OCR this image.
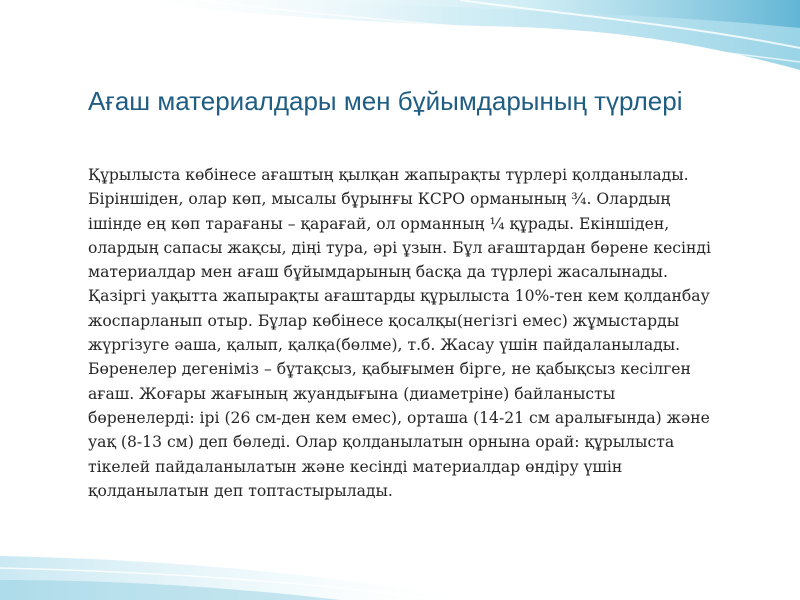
Ағаш материалдары мен бұйымдарының түрлері
Құрылыста көбінесе ағаштың қылқан жапырақты түрлері қолданылады.
Біріншіден, олар көп, мысалы бұрынғы КСРО орманының ¾. Олардың
ішінде ең көп тарағаны – қарағай, ол орманның ¼ құрады. Екіншіден,
олардың сапасы жақсы, діңі тура, әрі ұзын. Бұл ағаштардан бөрене кесінді
материалдар мен ағаш бұйымдарының басқа да түрлері жасалынады.
Қазіргі уақытта жапырақты ағаштарды құрылыста 10%-тен кем қолданбау
жоспарланып отыр. Бұлар көбінесе қосалқы(негізгі емес) жұмыстарды
жүргізуге әаша, қалып, қалқа(бөлме), т.б. Жасау үшін пайдаланылады.
Бөренелер дегеніміз – бұтақсыз, қабығымен бірге, не қабықсыз кесілген
ағаш. Жоғары жағының жуандығына (диаметріне) байланысты
бөренелерді: ірі (26 см-ден кем емес), орташа (14-21 см аралығында) және
уақ (8-13 см) деп бөледі. Олар қолданылатын орнына орай: құрылыста
тікелей пайдаланылатын және кесінді материалдар өндіру үшін
қолданылатын деп топтастырылады.
